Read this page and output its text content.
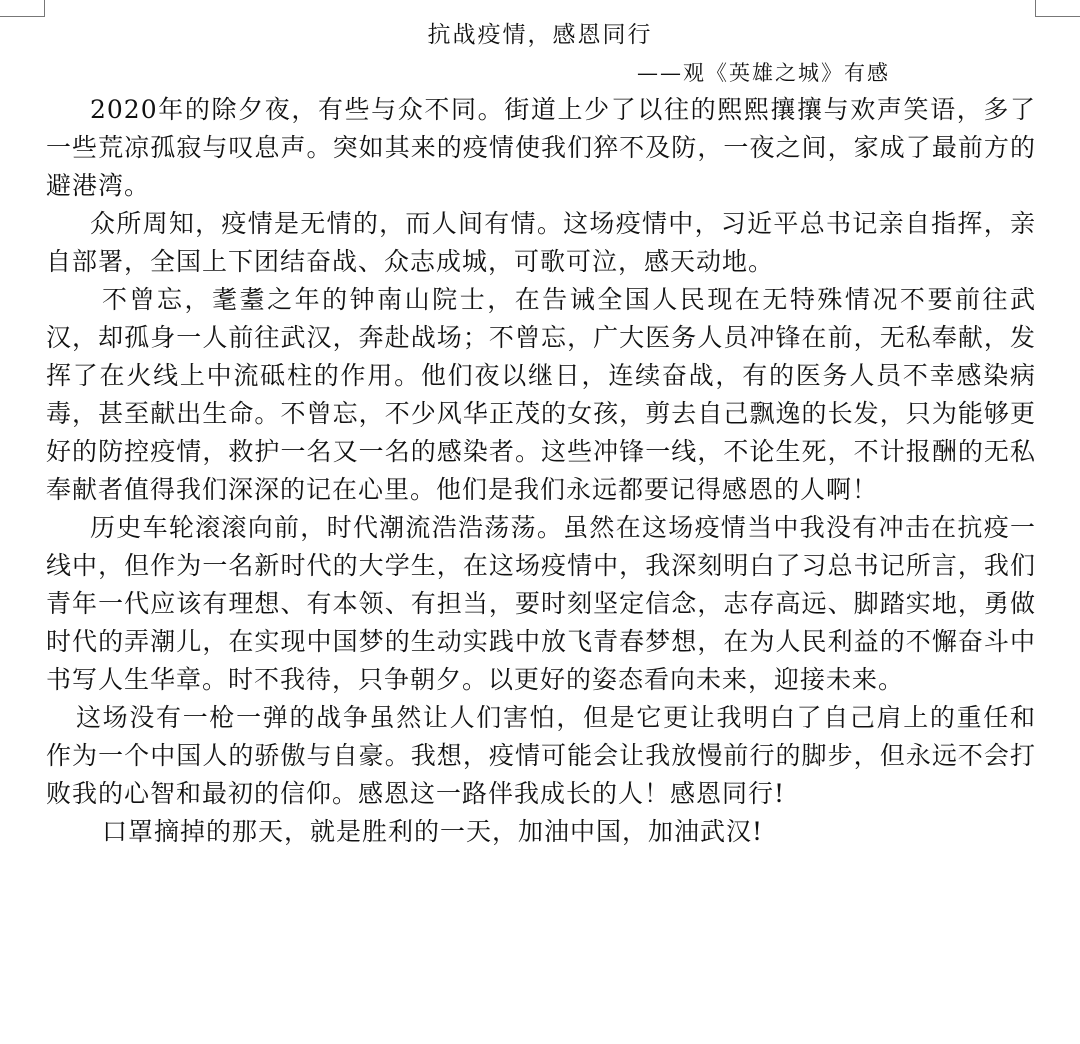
抗战疫情，感恩同行
——观《英雄之城》有感

2020年的除夕夜，有些与众不同。街道上少了以往的熙熙攘攘与欢声笑语，多了一些荒凉孤寂与叹息声。突如其来的疫情使我们猝不及防，一夜之间，家成了最前方的避港湾。

众所周知，疫情是无情的，而人间有情。这场疫情中，习近平总书记亲自指挥，亲自部署，全国上下团结奋战、众志成城，可歌可泣，感天动地。

不曾忘，耄耋之年的钟南山院士，在告诫全国人民现在无特殊情况不要前往武汉，却孤身一人前往武汉，奔赴战场；不曾忘，广大医务人员冲锋在前，无私奉献，发挥了在火线上中流砥柱的作用。他们夜以继日，连续奋战，有的医务人员不幸感染病毒，甚至献出生命。不曾忘，不少风华正茂的女孩，剪去自己飘逸的长发，只为能够更好的防控疫情，救护一名又一名的感染者。这些冲锋一线，不论生死，不计报酬的无私奉献者值得我们深深的记在心里。他们是我们永远都要记得感恩的人啊！

历史车轮滚滚向前，时代潮流浩浩荡荡。虽然在这场疫情当中我没有冲击在抗疫一线中，但作为一名新时代的大学生，在这场疫情中，我深刻明白了习总书记所言，我们青年一代应该有理想、有本领、有担当，要时刻坚定信念，志存高远、脚踏实地，勇做时代的弄潮儿，在实现中国梦的生动实践中放飞青春梦想，在为人民利益的不懈奋斗中书写人生华章。时不我待，只争朝夕。以更好的姿态看向未来，迎接未来。

这场没有一枪一弹的战争虽然让人们害怕，但是它更让我明白了自己肩上的重任和作为一个中国人的骄傲与自豪。我想，疫情可能会让我放慢前行的脚步，但永远不会打败我的心智和最初的信仰。感恩这一路伴我成长的人！感恩同行!

口罩摘掉的那天，就是胜利的一天，加油中国，加油武汉!
